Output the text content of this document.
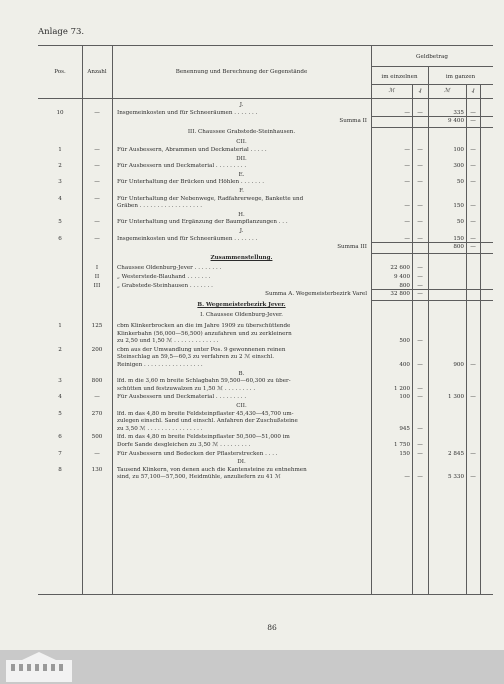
Anlage 73.
Pos.	Anzahl	Benennung und Berechnung der Gegenstände
Geldbetrag
im einzelnen	im ganzen
ℳ	₰	ℳ	₰
J.
10	—	Insgemeinkosten und für Schneeräumen . . . . . . .	—	—	335	—
Summa II	9 400	—
III. Chaussee Grabstede-Steinhausen.
CII.
1	—	Für Ausbessern, Abrammen und Deckmaterial . . . . .	—	—	100	—
DII.
2	—	Für Ausbessern und Deckmaterial . . . . . . . . .	—	—	300	—
E.
3	—	Für Unterhaltung der Brücken und Höhlen . . . . . . .	—	—	50	—
F.
4	—	Für Unterhaltung der Nebenwege, Radfahrerwege, Bankette und
Gräben . . . . . . . . . . . . . . . . . .	—	—	150	—
H.
5	—	Für Unterhaltung und Ergänzung der Baumpflanzungen . . .	—	—	50	—
J.
6	—	Insgemeinkosten und für Schneeräumen . . . . . . .	—	—	150	—
Summa III	800	—
Zusammenstellung.
I	Chaussee Oldenburg-Jever . . . . . . . .	22 600	—
II	„ Westerstede-Blauhand . . . . . . .	9 400	—
III	„ Grabstede-Steinhausen . . . . . . .	800	—
Summa A. Wegemeisterbezirk Varel	32 800	—
B. Wegemeisterbezirk Jever.
I. Chaussee Oldenburg-Jever.
1	125	cbm Klinkerbrocken an die im Jahre 1909 zu überschüttende
Klinkerbahn (56,000—56,500) anzufahren und zu zerkleinern
zu 2,50 und 1,50 ℳ . . . . . . . . . . . . .	500	—
2	200	cbm aus der Umwandlung unter Pos. 9 gewonnenen reinen
Steinschlag an 59,5—60,3 zu verfahren zu 2 ℳ einschl.
Reinigen . . . . . . . . . . . . . . . . .	400	—	900	—
B.
3	800	lfd. m die 3,60 m breite Schlagbahn 59,500—60,300 zu über-
schütten und festzuwalzen zu 1,50 ℳ . . . . . . . . .	1 200	—
4	—	Für Ausbessern und Deckmaterial . . . . . . . . .	100	—	1 300	—
CII.
5	270	lfd. m das 4,80 m breite Feldsteinpflaster 45,430—45,700 um-
zulegen einschl. Sand und einschl. Anfahren der Zuschußsteine
zu 3,50 ℳ . . . . . . . . . . . . . . . .	945	—
6	500	lfd. m das 4,80 m breite Feldsteinpflaster 50,500—51,000 im
Dorfe Sande desgleichen zu 3,50 ℳ . . . . . . . . .	1 750	—
7	—	Für Ausbessern und Bedecken der Pflasterstrecken . . . .	150	—	2 845	—
DI.
8	130	Tausend Klinkern, von denen auch die Kantensteine zu entnehmen
sind, zu 57,100—57,500, Heidmühle, anzuliefern zu 41 ℳ	—	—	5 330	—
86
